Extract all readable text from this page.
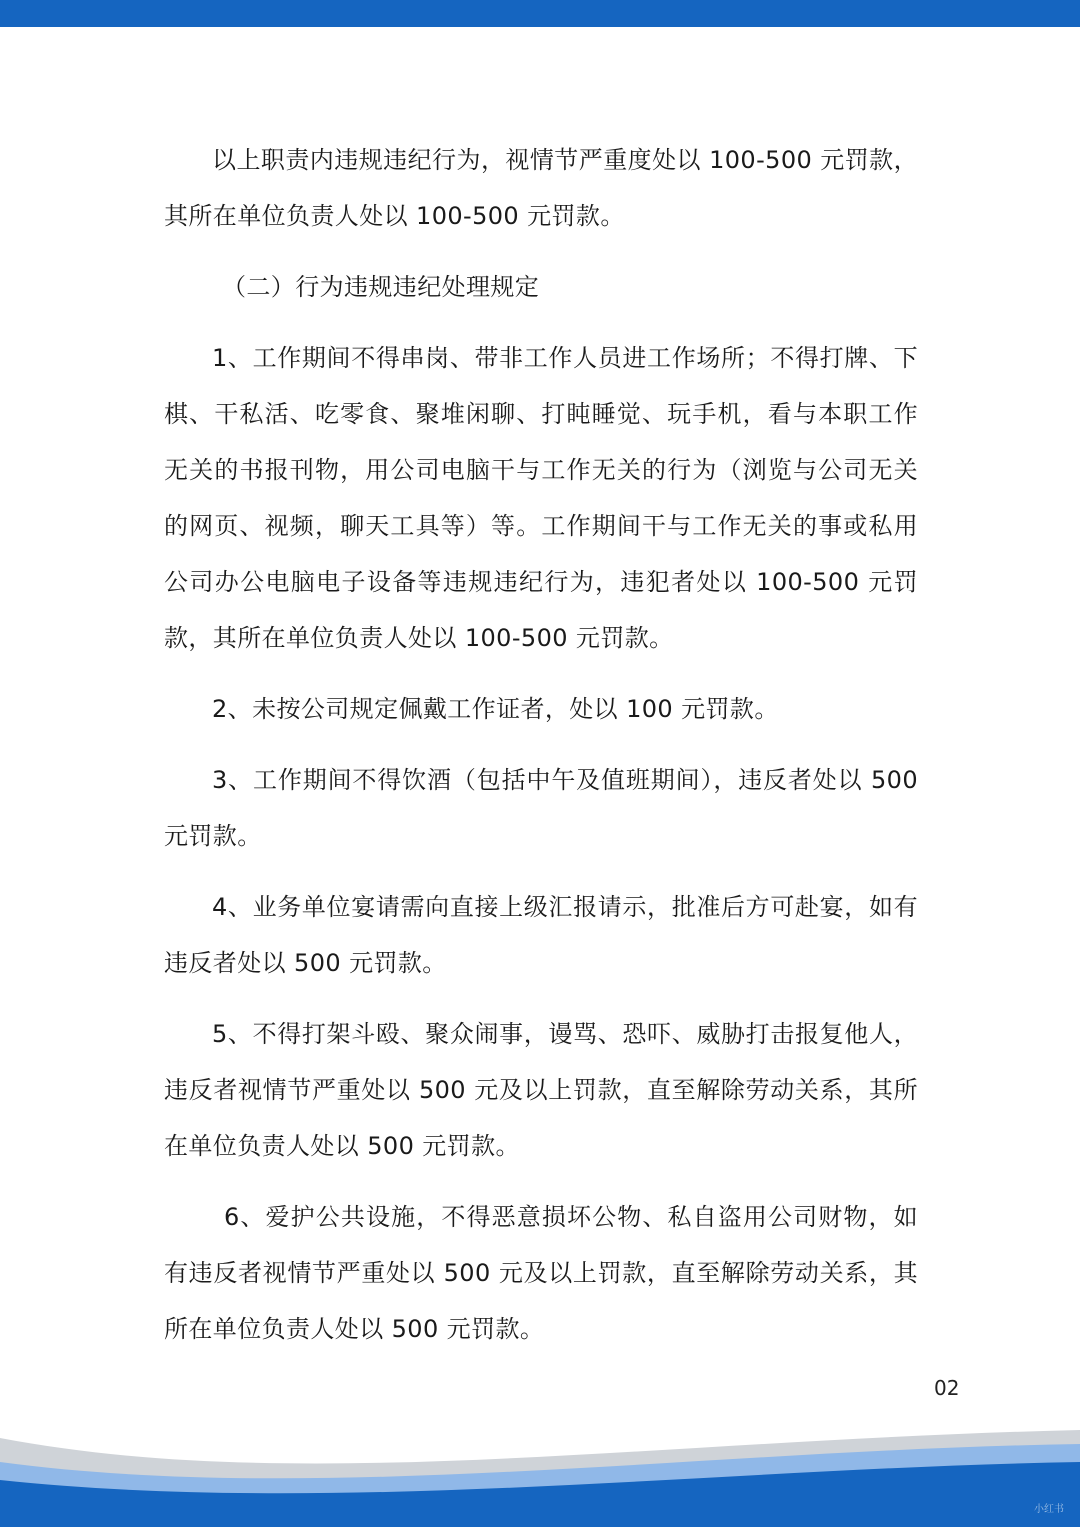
以上职责内违规违纪行为，视情节严重度处以 100-500 元罚款，其所在单位负责人处以 100-500 元罚款。

（二）行为违规违纪处理规定

1、工作期间不得串岗、带非工作人员进工作场所；不得打牌、下棋、干私活、吃零食、聚堆闲聊、打盹睡觉、玩手机，看与本职工作无关的书报刊物，用公司电脑干与工作无关的行为（浏览与公司无关的网页、视频，聊天工具等）等。工作期间干与工作无关的事或私用公司办公电脑电子设备等违规违纪行为，违犯者处以 100-500 元罚款，其所在单位负责人处以 100-500 元罚款。

2、未按公司规定佩戴工作证者，处以 100 元罚款。

3、工作期间不得饮酒（包括中午及值班期间），违反者处以 500 元罚款。

4、业务单位宴请需向直接上级汇报请示，批准后方可赴宴，如有违反者处以 500 元罚款。

5、不得打架斗殴、聚众闹事，谩骂、恐吓、威胁打击报复他人，违反者视情节严重处以 500 元及以上罚款，直至解除劳动关系，其所在单位负责人处以 500 元罚款。

6、爱护公共设施，不得恶意损坏公物、私自盗用公司财物，如有违反者视情节严重处以 500 元及以上罚款，直至解除劳动关系，其所在单位负责人处以 500 元罚款。

02
小红书
